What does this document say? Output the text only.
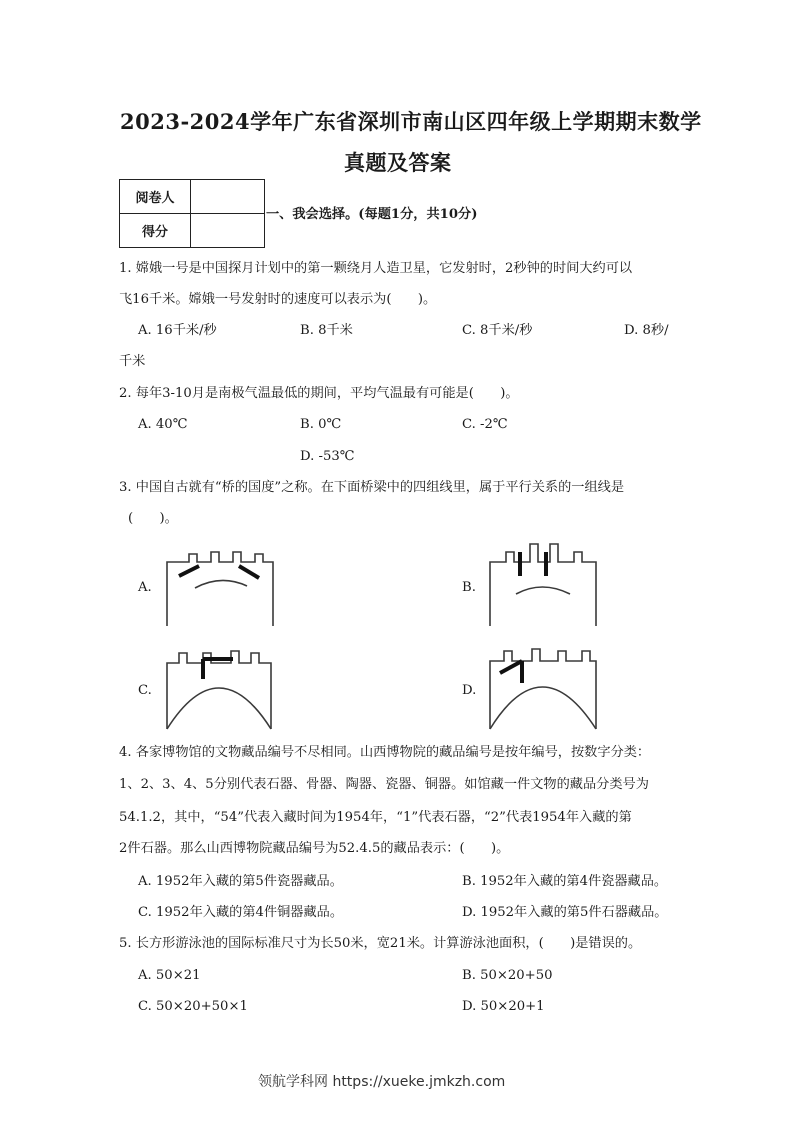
2023-2024学年广东省深圳市南山区四年级上学期期末数学
真题及答案
阅卷人	
得分	
一、我会选择。(每题1分，共10分)
1. 嫦娥一号是中国探月计划中的第一颗绕月人造卫星，它发射时，2秒钟的时间大约可以
飞16千米。嫦娥一号发射时的速度可以表示为(　　)。
A. 16千米/秒	B. 8千米	C. 8千米/秒	D. 8秒/
千米
2. 每年3-10月是南极气温最低的期间，平均气温最有可能是(　　)。
A. 40℃	B. 0℃	C. -2℃
D. -53℃
3. 中国自古就有“桥的国度”之称。在下面桥梁中的四组线里，属于平行关系的一组线是
(　　)。
A.	B.
C.	D.
4. 各家博物馆的文物藏品编号不尽相同。山西博物院的藏品编号是按年编号，按数字分类：
1、2、3、4、5分别代表石器、骨器、陶器、瓷器、铜器。如馆藏一件文物的藏品分类号为
54.1.2，其中，“54”代表入藏时间为1954年，“1”代表石器，“2”代表1954年入藏的第
2件石器。那么山西博物院藏品编号为52.4.5的藏品表示：(　　)。
A. 1952年入藏的第5件瓷器藏品。	B. 1952年入藏的第4件瓷器藏品。
C. 1952年入藏的第4件铜器藏品。	D. 1952年入藏的第5件石器藏品。
5. 长方形游泳池的国际标准尺寸为长50米，宽21米。计算游泳池面积，(　　)是错误的。
A. 50×21	B. 50×20+50
C. 50×20+50×1	D. 50×20+1
领航学科网 https://xueke.jmkzh.com
